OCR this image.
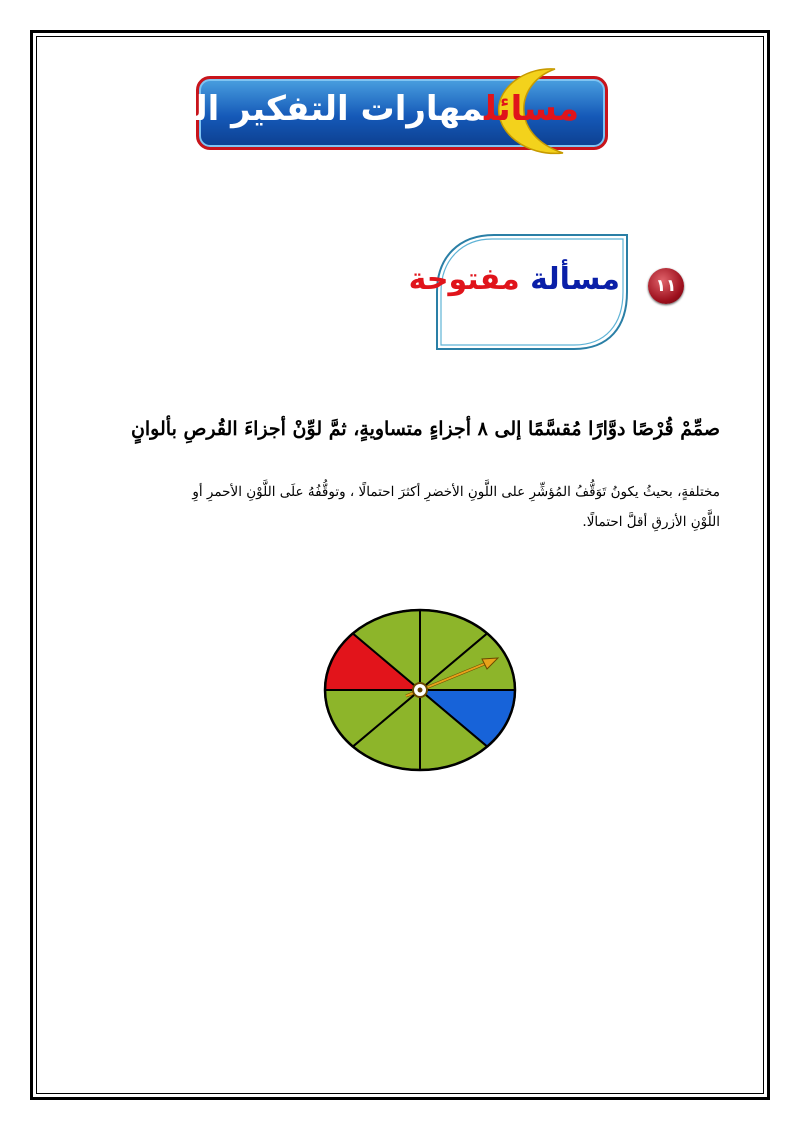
مسائلمهارات التفكير العليا:
مسألة مفتوحة	١١
صمِّمْ قُرْصًا دوَّارًا مُقسَّمًا إلى ٨ أجزاءٍ متساويةٍ، ثمَّ لوِّنْ أجزاءَ القُرصِ بألوانٍ
مختلفةٍ، بحيثُ يكونُ تَوَقُّفُ المُؤشِّرِ على اللَّونِ الأخضرِ أكثرَ احتمالًا ، وتوقُّفُهُ علَى اللَّوْنِ الأحمرِ أوِ
اللَّوْنِ الأزرقِ أقلَّ احتمالًا.
